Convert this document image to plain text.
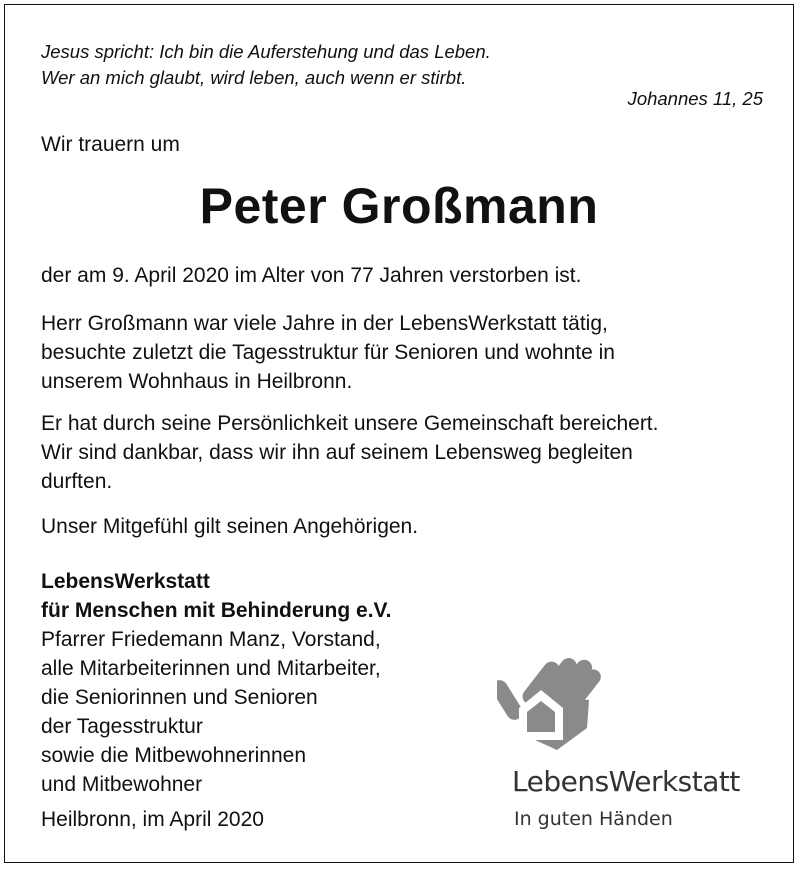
Jesus spricht: Ich bin die Auferstehung und das Leben.
Wer an mich glaubt, wird leben, auch wenn er stirbt.
Johannes 11, 25
Wir trauern um
Peter Großmann
der am 9. April 2020 im Alter von 77 Jahren verstorben ist.
Herr Großmann war viele Jahre in der LebensWerkstatt tätig,
besuchte zuletzt die Tagesstruktur für Senioren und wohnte in
unserem Wohnhaus in Heilbronn.
Er hat durch seine Persönlichkeit unsere Gemeinschaft bereichert.
Wir sind dankbar, dass wir ihn auf seinem Lebensweg begleiten
durften.
Unser Mitgefühl gilt seinen Angehörigen.
LebensWerkstatt
für Menschen mit Behinderung e.V.
Pfarrer Friedemann Manz, Vorstand,
alle Mitarbeiterinnen und Mitarbeiter,
die Seniorinnen und Senioren
der Tagesstruktur
sowie die Mitbewohnerinnen
und Mitbewohner
Heilbronn, im April 2020
LebensWerkstatt
In guten Händen
